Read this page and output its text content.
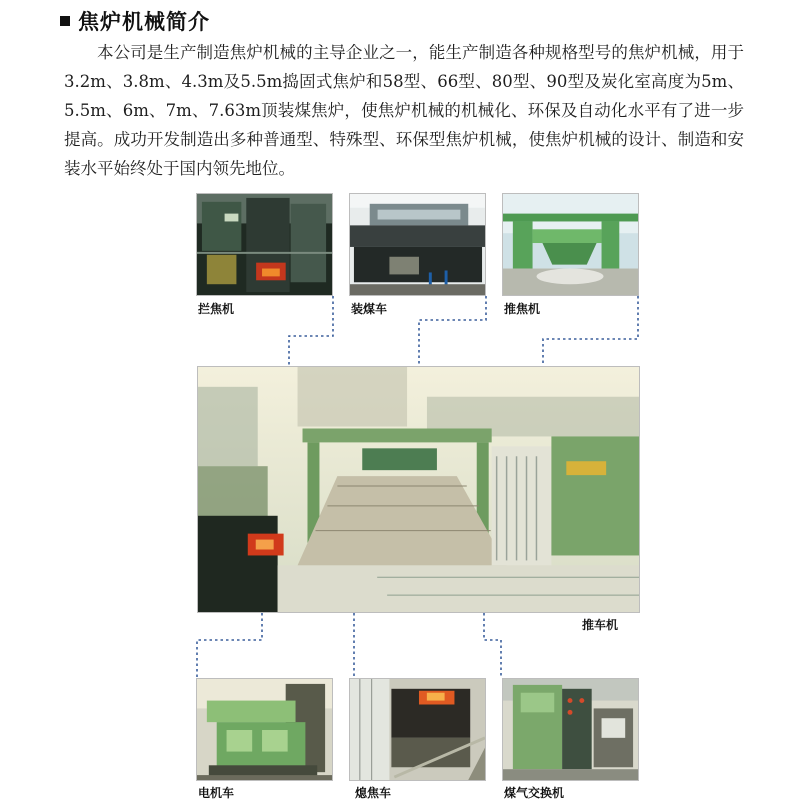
焦炉机械简介

本公司是生产制造焦炉机械的主导企业之一，能生产制造各种规格型号的焦炉机械，用于3.2m、3.8m、4.3m及5.5m捣固式焦炉和58型、66型、80型、90型及炭化室高度为5m、5.5m、6m、7m、7.63m顶装煤焦炉，使焦炉机械的机械化、环保及自动化水平有了进一步提高。成功开发制造出多种普通型、特殊型、环保型焦炉机械，使焦炉机械的设计、制造和安装水平始终处于国内领先地位。

拦焦机	装煤车	推焦机
推车机
电机车	熄焦车	煤气交换机
